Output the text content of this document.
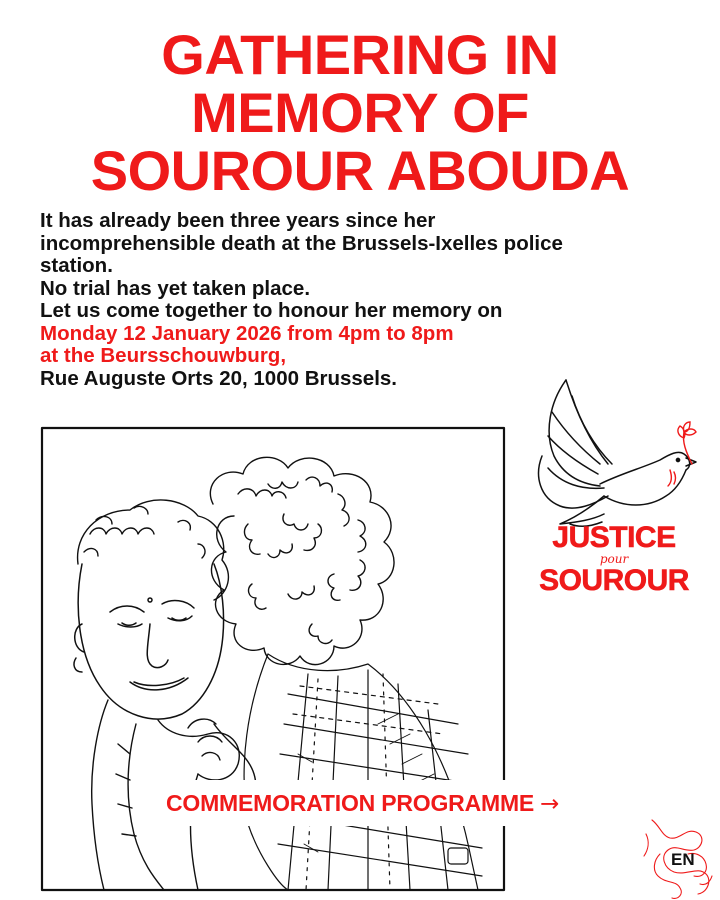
GATHERING IN
MEMORY OF
SOUROUR ABOUDA
It has already been three years since her
incomprehensible death at the Brussels-Ixelles police
station.
No trial has yet taken place.
Let us come together to honour her memory on
Monday 12 January 2026 from 4pm to 8pm
at the Beursschouwburg,
Rue Auguste Orts 20, 1000 Brussels.
JUSTICE
pour
SOUROUR
COMMEMORATION PROGRAMME →
EN
